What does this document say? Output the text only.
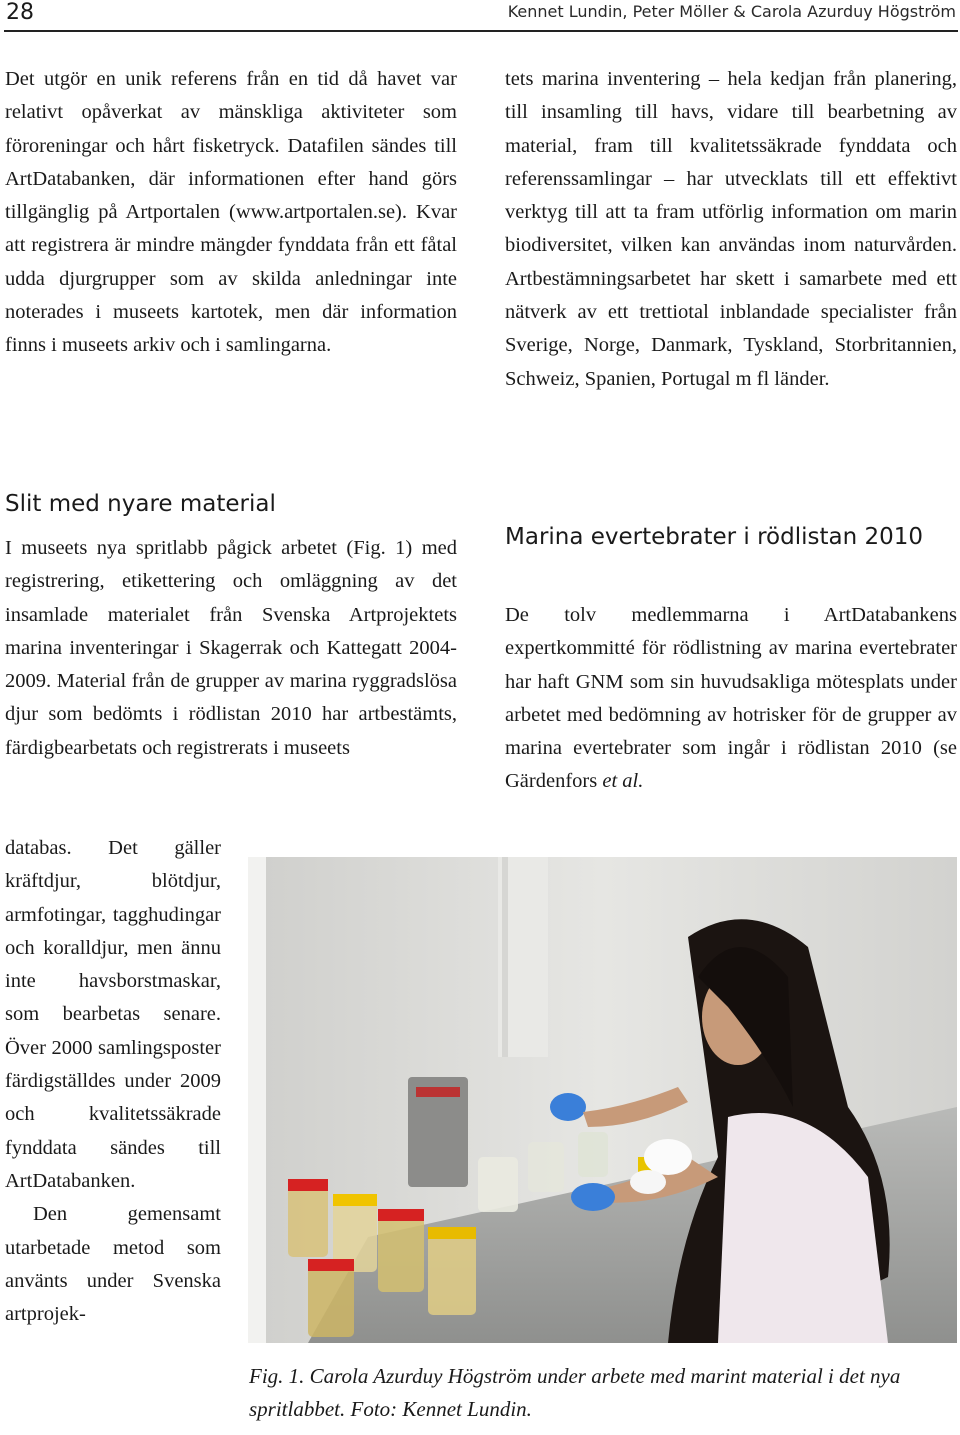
28	Kennet Lundin, Peter Möller & Carola Azurduy Högström

Det utgör en unik referens från en tid då havet var relativt opåverkat av mänskliga aktiviteter som föroreningar och hårt fisketryck. Datafilen sändes till ArtDatabanken, där informationen efter hand görs tillgänglig på Artportalen (www.artportalen.se). Kvar att registrera är mindre mängder fynddata från ett fåtal udda djurgrupper som av skilda anledningar inte noterades i museets kartotek, men där information finns i museets arkiv och i samlingarna.

Slit med nyare material

I museets nya spritlabb pågick arbetet (Fig. 1) med registrering, etikettering och omläggning av det insamlade materialet från Svenska Artprojektets marina inventeringar i Skagerrak och Kattegatt 2004-2009. Material från de grupper av marina ryggradslösa djur som bedömts i rödlistan 2010 har artbestämts, färdigbearbetats och registrerats i museets

databas. Det gäller kräftdjur, blötdjur, armfotingar, tagghudingar och koralldjur, men ännu inte havsborstmaskar, som bearbetas senare. Över 2000 samlingsposter färdigställdes under 2009 och kvalitetssäkrade fynddata sändes till ArtDatabanken.

Den gemensamt utarbetade metod som använts under Svenska artprojek-

tets marina inventering – hela kedjan från planering, till insamling till havs, vidare till bearbetning av material, fram till kvalitetssäkrade fynddata och referenssamlingar – har utvecklats till ett effektivt verktyg till att ta fram utförlig information om marin biodiversitet, vilken kan användas inom naturvården. Artbestämningsarbetet har skett i samarbete med ett nätverk av ett trettiotal inblandade specialister från Sverige, Norge, Danmark, Tyskland, Storbritannien, Schweiz, Spanien, Portugal m fl länder.

Marina evertebrater i rödlistan 2010

De tolv medlemmarna i ArtDatabankens expertkommitté för rödlistning av marina evertebrater har haft GNM som sin huvudsakliga mötesplats under arbetet med bedömning av hotrisker för de grupper av marina evertebrater som ingår i rödlistan 2010 (se Gärdenfors et al.

Fig. 1. Carola Azurduy Högström under arbete med marint material i det nya spritlabbet. Foto: Kennet Lundin.
